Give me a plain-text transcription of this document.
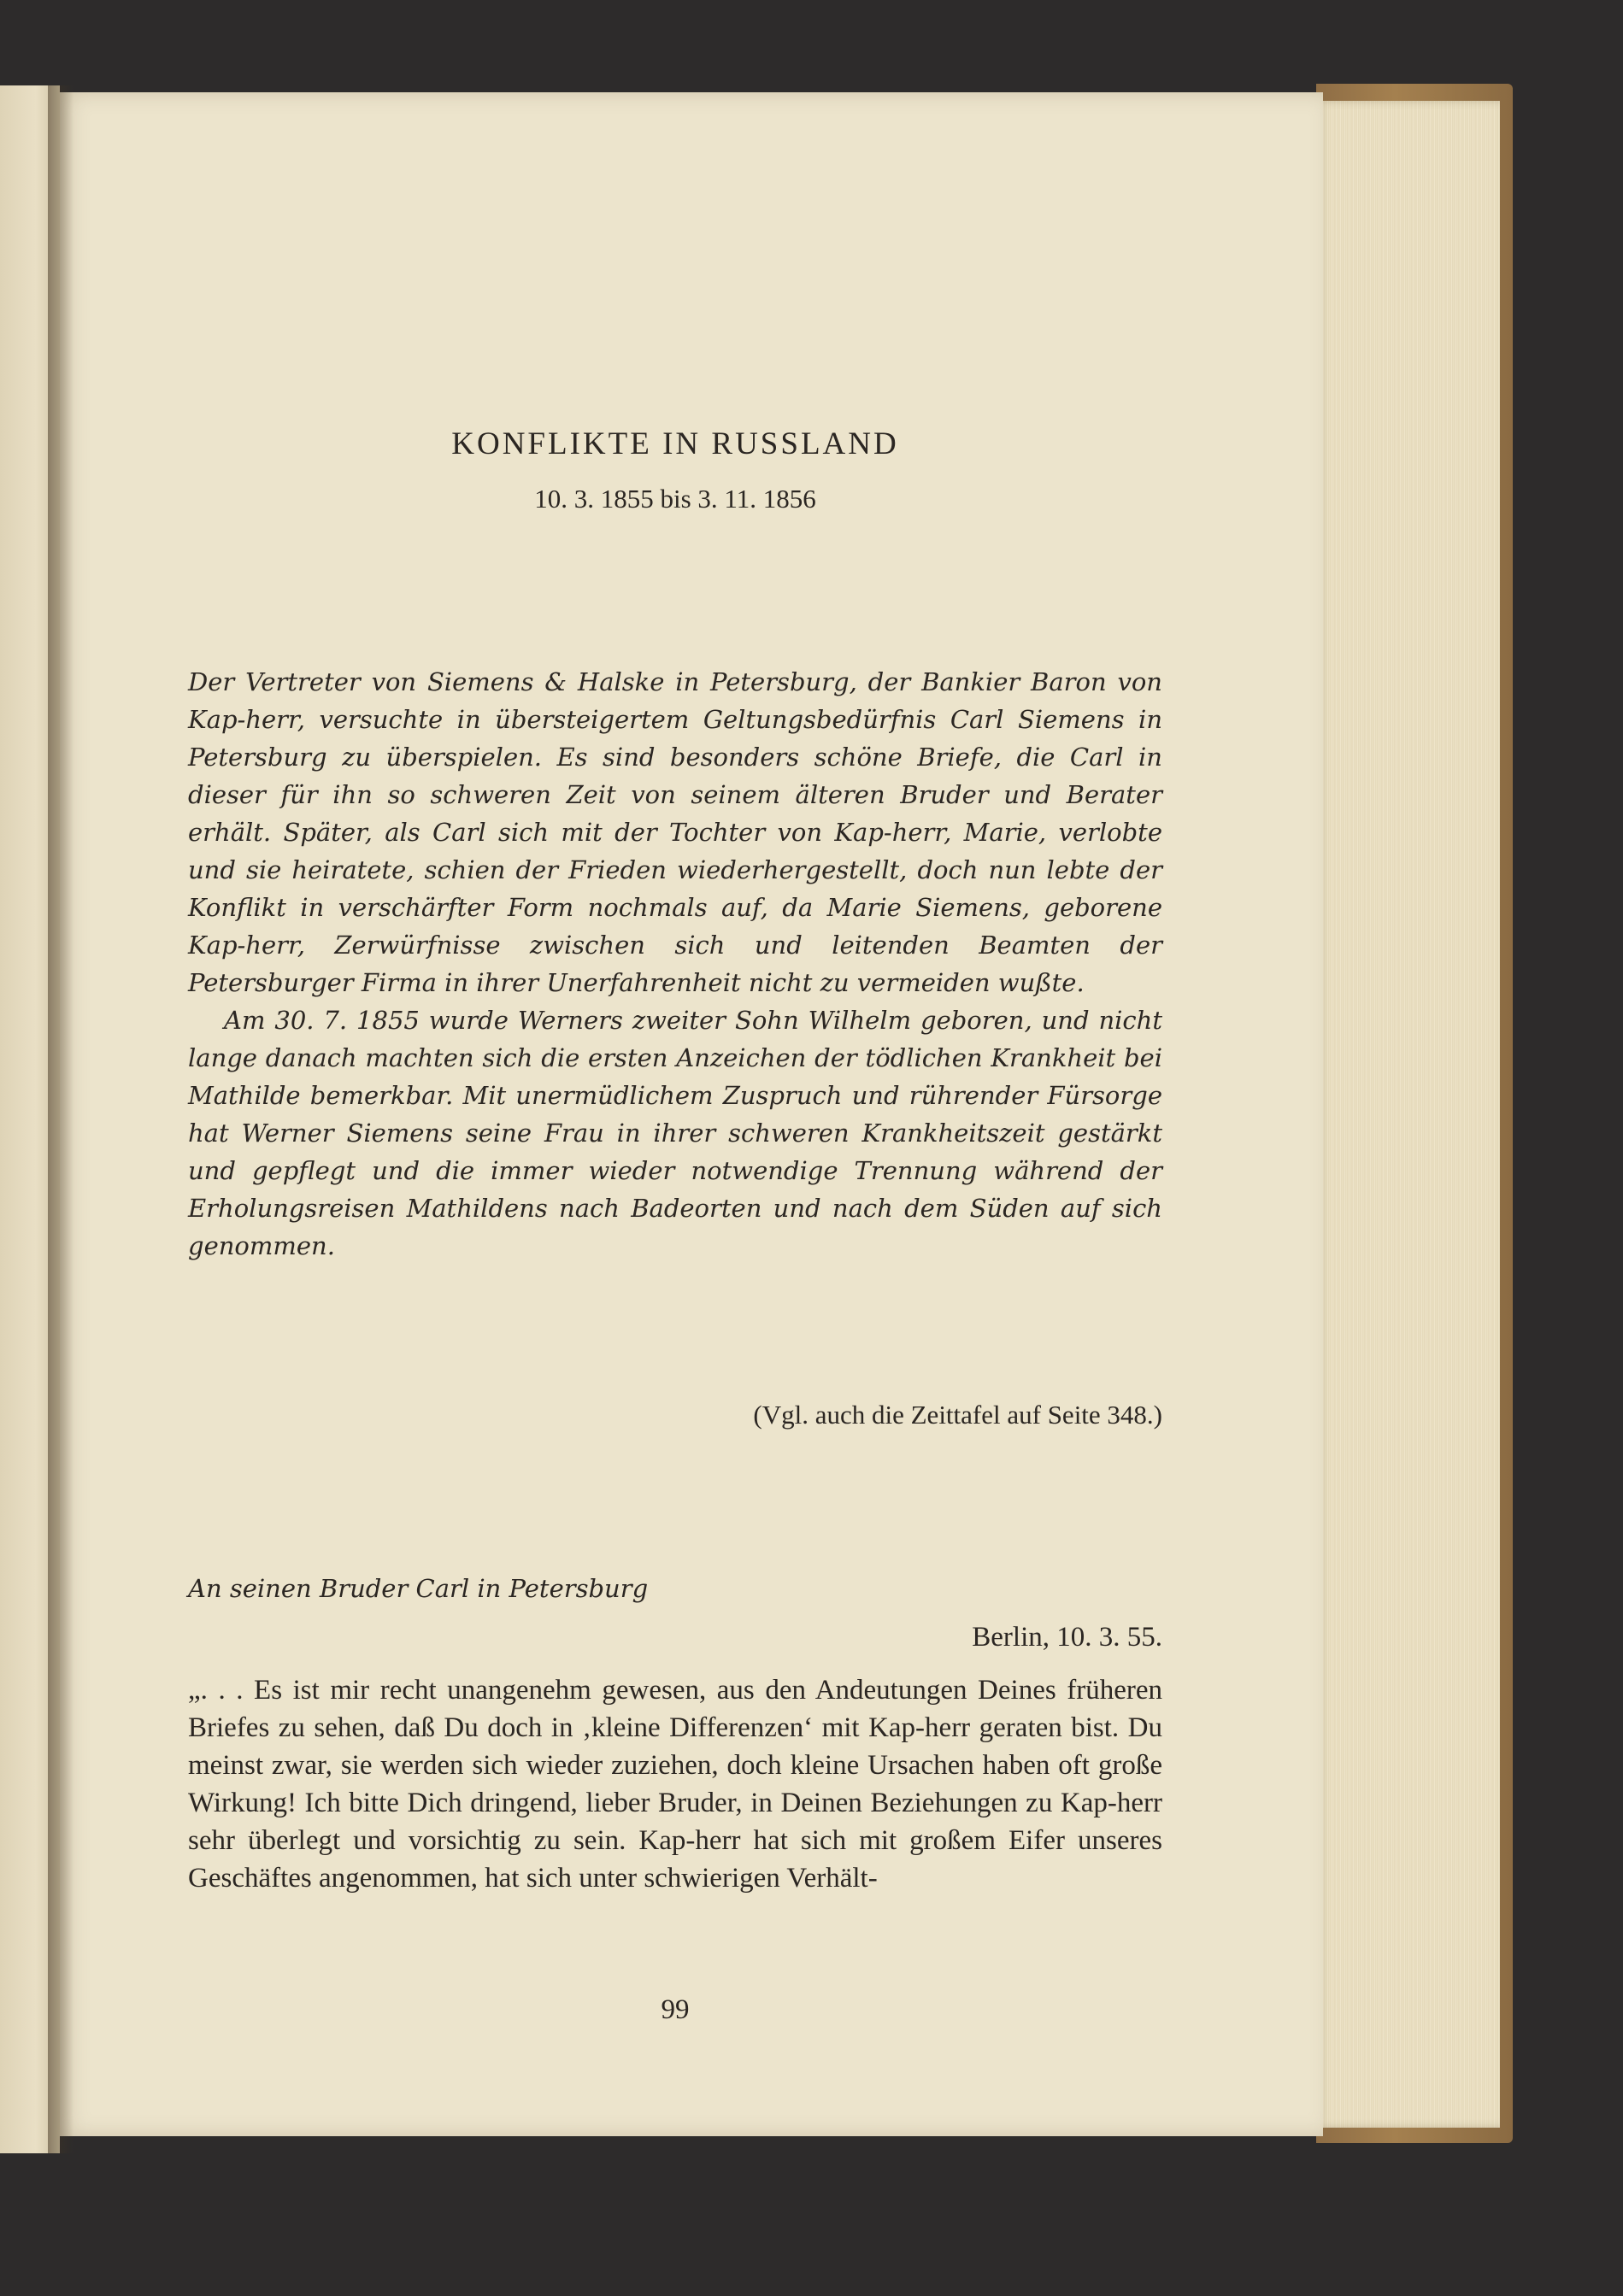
KONFLIKTE IN RUSSLAND
10. 3. 1855 bis 3. 11. 1856

Der Vertreter von Siemens & Halske in Petersburg, der Bankier Baron von Kap-herr, versuchte in übersteigertem Geltungsbedürfnis Carl Siemens in Petersburg zu überspielen. Es sind besonders schöne Briefe, die Carl in dieser für ihn so schweren Zeit von seinem älteren Bruder und Berater erhält. Später, als Carl sich mit der Tochter von Kap-herr, Marie, verlobte und sie heiratete, schien der Frieden wiederhergestellt, doch nun lebte der Konflikt in verschärfter Form nochmals auf, da Marie Siemens, geborene Kap-herr, Zerwürfnisse zwischen sich und leitenden Beamten der Petersburger Firma in ihrer Unerfahrenheit nicht zu vermeiden wußte.

Am 30. 7. 1855 wurde Werners zweiter Sohn Wilhelm geboren, und nicht lange danach machten sich die ersten Anzeichen der tödlichen Krankheit bei Mathilde bemerkbar. Mit unermüdlichem Zuspruch und rührender Fürsorge hat Werner Siemens seine Frau in ihrer schweren Krankheitszeit gestärkt und gepflegt und die immer wieder notwendige Trennung während der Erholungsreisen Mathildens nach Badeorten und nach dem Süden auf sich genommen.

(Vgl. auch die Zeittafel auf Seite 348.)
An seinen Bruder Carl in Petersburg
Berlin, 10. 3. 55.
„. . . Es ist mir recht unangenehm gewesen, aus den Andeutungen Deines früheren Briefes zu sehen, daß Du doch in ‚kleine Differenzen‘ mit Kap-herr geraten bist. Du meinst zwar, sie werden sich wieder zuziehen, doch kleine Ursachen haben oft große Wirkung! Ich bitte Dich dringend, lieber Bruder, in Deinen Beziehungen zu Kap-herr sehr überlegt und vorsichtig zu sein. Kap-herr hat sich mit großem Eifer unseres Geschäftes angenommen, hat sich unter schwierigen Verhält-
99
